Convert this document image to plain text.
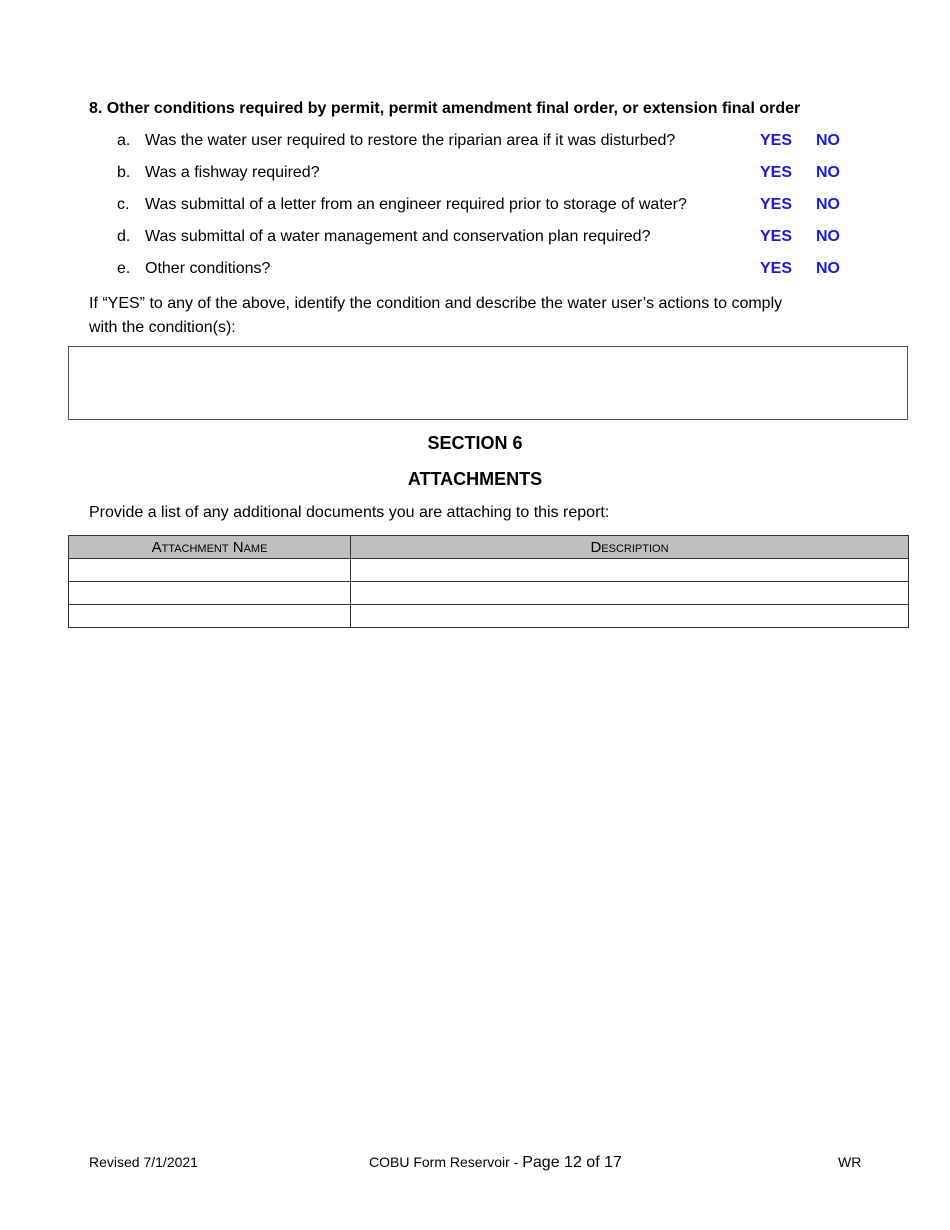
8. Other conditions required by permit, permit amendment final order, or extension final order
a. Was the water user required to restore the riparian area if it was disturbed?	YES NO
b. Was a fishway required?	YES NO
c. Was submittal of a letter from an engineer required prior to storage of water?	YES NO
d. Was submittal of a water management and conservation plan required?	YES NO
e. Other conditions?	YES NO
If “YES” to any of the above, identify the condition and describe the water user’s actions to comply with the condition(s):
SECTION 6
ATTACHMENTS
Provide a list of any additional documents you are attaching to this report:
Attachment Name	Description

Revised 7/1/2021	COBU Form Reservoir - Page 12 of 17	WR
